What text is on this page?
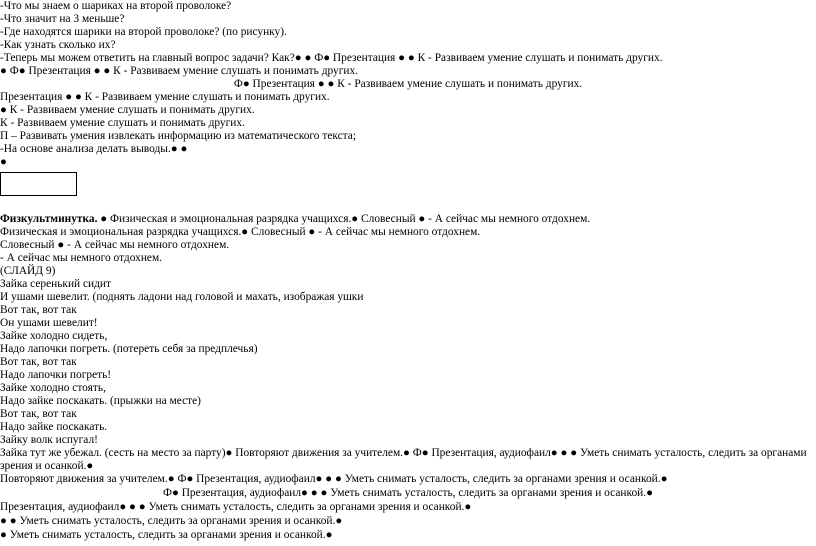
-Что мы знаем о шариках на второй проволоке?
-Что значит на 3 меньше?
-Где находятся шарики на второй проволоке? (по рисунку).
-Как узнать сколько их?
-Теперь мы можем ответить на главный вопрос задачи? Как?● ● Ф● Презентация ● ● К - Развиваем умение слушать и понимать других.
● Ф● Презентация ● ● К - Развиваем умение слушать и понимать других.
Ф● Презентация ● ● К - Развиваем умение слушать и понимать других.
Презентация ● ● К - Развиваем умение слушать и понимать других.
● К - Развиваем умение слушать и понимать других.
К - Развиваем умение слушать и понимать других.
П – Развивать умения извлекать информацию из математического текста;
-На основе анализа делать выводы.● ●
●
Физкультминутка. ● Физическая и эмоциональная разрядка учащихся.● Словесный ● - А сейчас мы немного отдохнем.
Физическая и эмоциональная разрядка учащихся.● Словесный ● - А сейчас мы немного отдохнем.
Словесный ● - А сейчас мы немного отдохнем.
- А сейчас мы немного отдохнем.
(СЛАЙД 9)
Зайка серенький сидит
И ушами шевелит. (поднять ладони над головой и махать, изображая ушки
Вот так, вот так
Он ушами шевелит!
Зайке холодно сидеть,
Надо лапочки погреть. (потереть себя за предплечья)
Вот так, вот так
Надо лапочки погреть!
Зайке холодно стоять,
Надо зайке поскакать. (прыжки на месте)
Вот так, вот так
Надо зайке поскакать.
Зайку волк испугал!
Зайка тут же убежал. (сесть на место за парту)● Повторяют движения за учителем.● Ф● Презентация, аудиофаил● ● ● Уметь снимать усталость, следить за органами
зрения и осанкой.●
Повторяют движения за учителем.● Ф● Презентация, аудиофаил● ● ● Уметь снимать усталость, следить за органами зрения и осанкой.●
Ф● Презентация, аудиофаил● ● ● Уметь снимать усталость, следить за органами зрения и осанкой.●
Презентация, аудиофаил● ● ● Уметь снимать усталость, следить за органами зрения и осанкой.●
● ● Уметь снимать усталость, следить за органами зрения и осанкой.●
● Уметь снимать усталость, следить за органами зрения и осанкой.●
